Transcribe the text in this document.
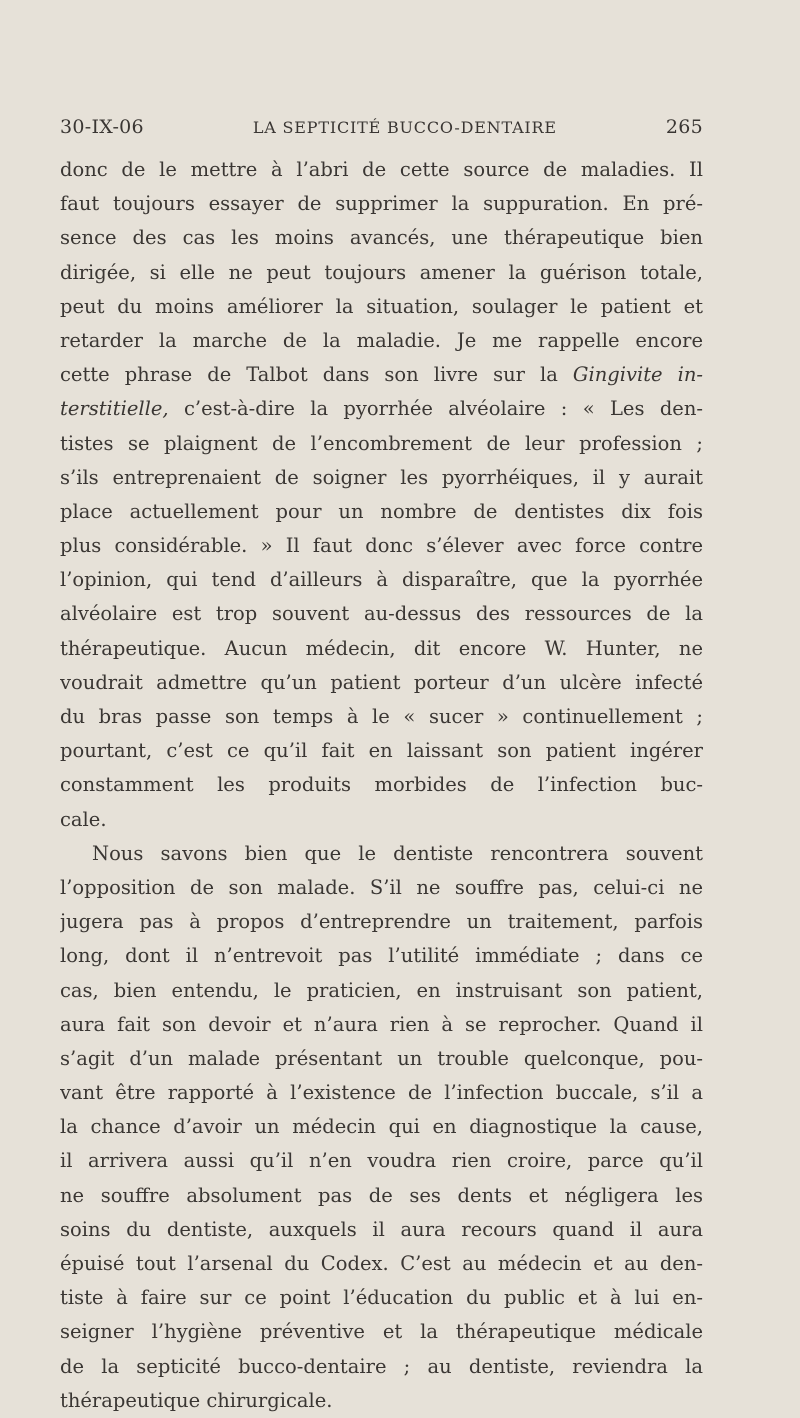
30-IX-06	LA SEPTICITÉ BUCCO-DENTAIRE	265
donc de le mettre à l’abri de cette source de maladies. Il
faut toujours essayer de supprimer la suppuration. En pré-
sence des cas les moins avancés, une thérapeutique bien
dirigée, si elle ne peut toujours amener la guérison totale,
peut du moins améliorer la situation, soulager le patient et
retarder la marche de la maladie. Je me rappelle encore
cette phrase de Talbot dans son livre sur la Gingivite in-
terstitielle, c’est-à-dire la pyorrhée alvéolaire : « Les den-
tistes se plaignent de l’encombrement de leur profession ;
s’ils entreprenaient de soigner les pyorrhéiques, il y aurait
place actuellement pour un nombre de dentistes dix fois
plus considérable. » Il faut donc s’élever avec force contre
l’opinion, qui tend d’ailleurs à disparaître, que la pyorrhée
alvéolaire est trop souvent au-dessus des ressources de la
thérapeutique. Aucun médecin, dit encore W. Hunter, ne
voudrait admettre qu’un patient porteur d’un ulcère infecté
du bras passe son temps à le « sucer » continuellement ;
pourtant, c’est ce qu’il fait en laissant son patient ingérer
constamment les produits morbides de l’infection buc-
cale.
Nous savons bien que le dentiste rencontrera souvent
l’opposition de son malade. S’il ne souffre pas, celui-ci ne
jugera pas à propos d’entreprendre un traitement, parfois
long, dont il n’entrevoit pas l’utilité immédiate ; dans ce
cas, bien entendu, le praticien, en instruisant son patient,
aura fait son devoir et n’aura rien à se reprocher. Quand il
s’agit d’un malade présentant un trouble quelconque, pou-
vant être rapporté à l’existence de l’infection buccale, s’il a
la chance d’avoir un médecin qui en diagnostique la cause,
il arrivera aussi qu’il n’en voudra rien croire, parce qu’il
ne souffre absolument pas de ses dents et négligera les
soins du dentiste, auxquels il aura recours quand il aura
épuisé tout l’arsenal du Codex. C’est au médecin et au den-
tiste à faire sur ce point l’éducation du public et à lui en-
seigner l’hygiène préventive et la thérapeutique médicale
de la septicité bucco-dentaire ; au dentiste, reviendra la
thérapeutique chirurgicale.
